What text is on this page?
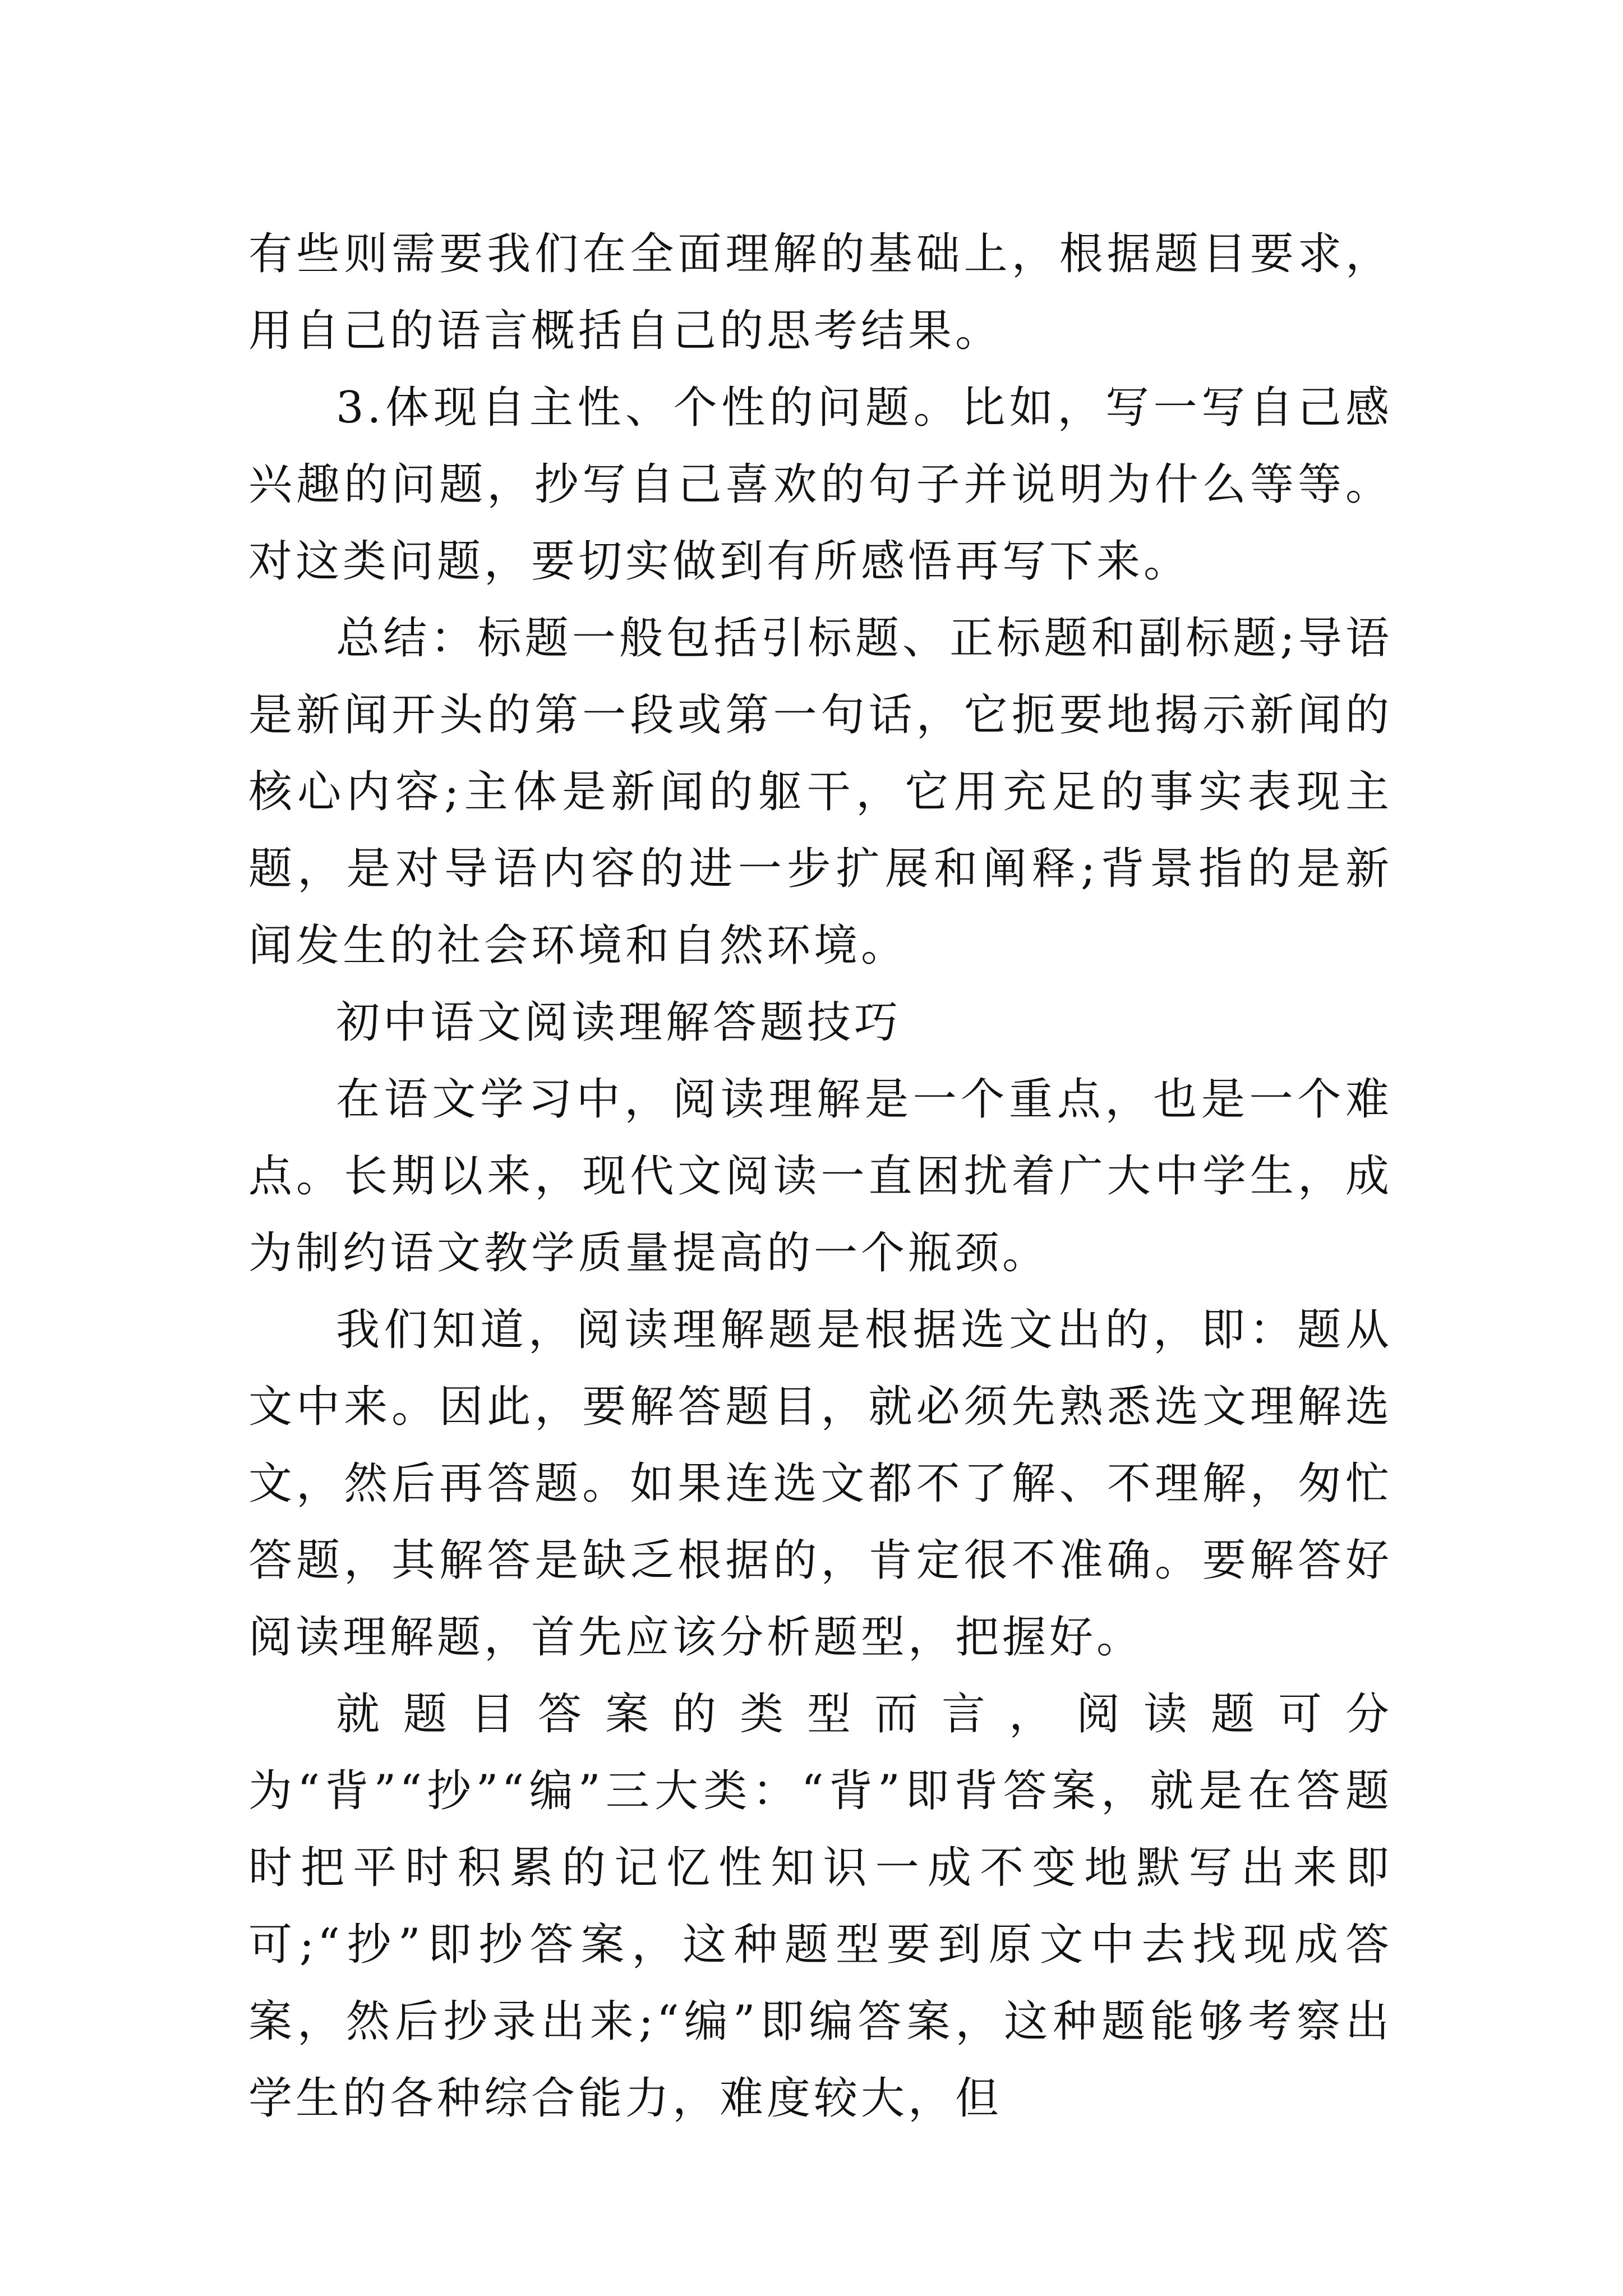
有些则需要我们在全面理解的基础上，根据题目要求，用自己的语言概括自己的思考结果。

3.体现自主性、个性的问题。比如，写一写自己感兴趣的问题，抄写自己喜欢的句子并说明为什么等等。对这类问题，要切实做到有所感悟再写下来。

总结：标题一般包括引标题、正标题和副标题;导语是新闻开头的第一段或第一句话，它扼要地揭示新闻的核心内容;主体是新闻的躯干，它用充足的事实表现主题，是对导语内容的进一步扩展和阐释;背景指的是新闻发生的社会环境和自然环境。

初中语文阅读理解答题技巧

在语文学习中，阅读理解是一个重点，也是一个难点。长期以来，现代文阅读一直困扰着广大中学生，成为制约语文教学质量提高的一个瓶颈。

我们知道，阅读理解题是根据选文出的，即：题从文中来。因此，要解答题目，就必须先熟悉选文理解选文，然后再答题。如果连选文都不了解、不理解，匆忙答题，其解答是缺乏根据的，肯定很不准确。要解答好阅读理解题，首先应该分析题型，把握好。

就题目答案的类型而言，阅读题可分为“背”“抄”“编”三大类：“背”即背答案，就是在答题时把平时积累的记忆性知识一成不变地默写出来即可;“抄”即抄答案，这种题型要到原文中去找现成答案，然后抄录出来;“编”即编答案，这种题能够考察出学生的各种综合能力，难度较大，但
